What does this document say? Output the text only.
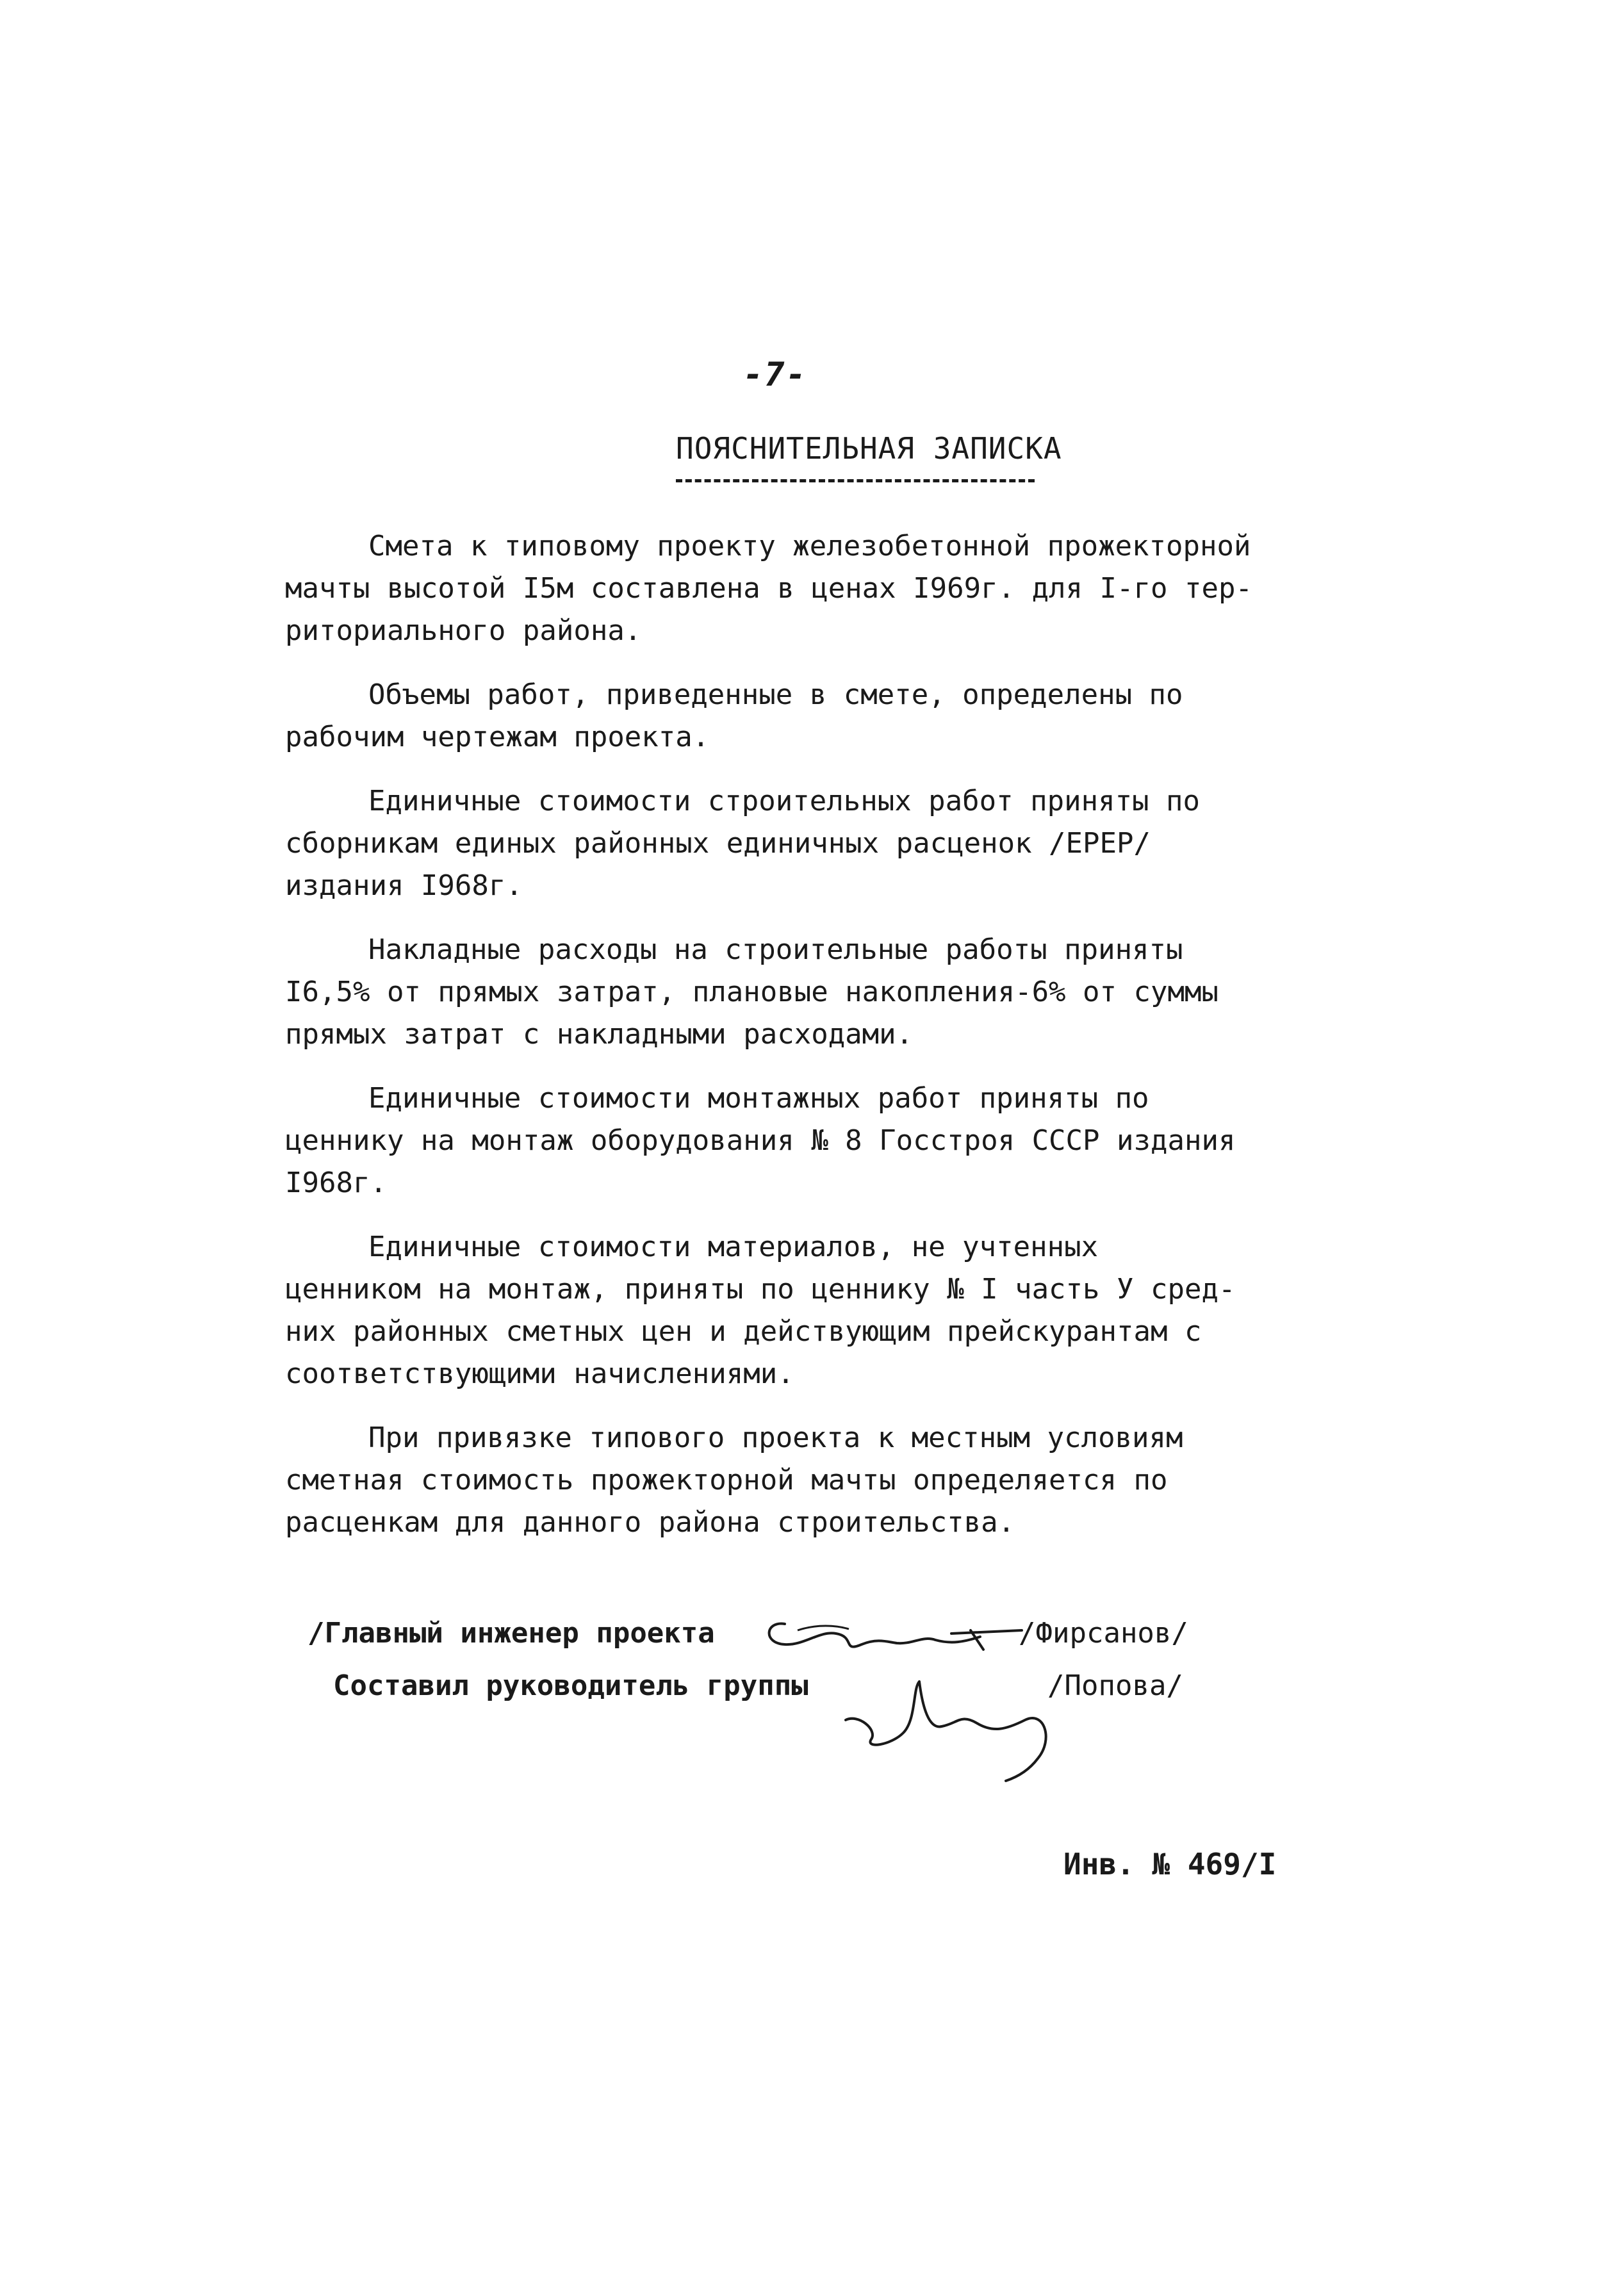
-7-
ПОЯСНИТЕЛЬНАЯ ЗАПИСКА

Смета к типовому проекту железобетонной прожекторной
мачты высотой I5м составлена в ценах I969г. для I-го тер-
риториального района.

Объемы работ, приведенные в смете, определены по
рабочим чертежам проекта.

Единичные стоимости строительных работ приняты по
сборникам единых районных единичных расценок /ЕРЕР/
издания I968г.

Накладные расходы на строительные работы приняты
I6,5% от прямых затрат, плановые накопления-6% от суммы
прямых затрат с накладными расходами.

Единичные стоимости монтажных работ приняты по
ценнику на монтаж оборудования № 8 Госстроя СССР издания
I968г.

Единичные стоимости материалов, не учтенных
ценником на монтаж, приняты по ценнику № I часть У сред-
них районных сметных цен и действующим прейскурантам с
соответствующими начислениями.

При привязке типового проекта к местным условиям
сметная стоимость прожекторной мачты определяется по
расценкам для данного района строительства.

/Главный инженер проекта	/Фирсанов/
Составил руководитель группы	/Попова/
Инв. № 469/I
